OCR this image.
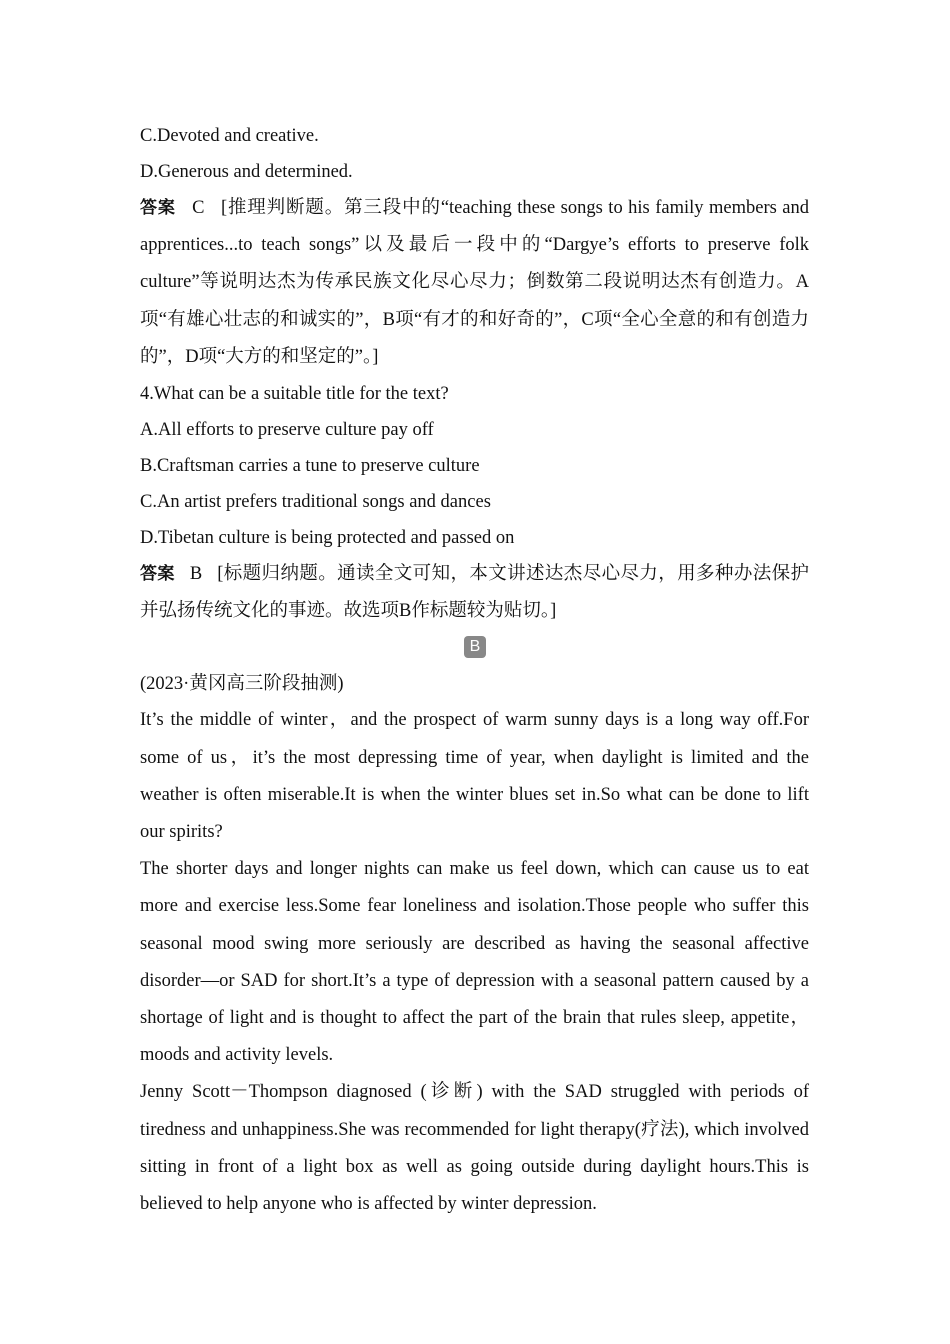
C.Devoted and creative.
D.Generous and determined.

答案 C [推理判断题。第三段中的“teaching these songs to his family members and apprentices...to teach songs”以及最后一段中的“Dargye’s efforts to preserve folk culture”等说明达杰为传承民族文化尽心尽力；倒数第二段说明达杰有创造力。A项“有雄心壮志的和诚实的”，B项“有才的和好奇的”，C项“全心全意的和有创造力的”，D项“大方的和坚定的”。]

4.What can be a suitable title for the text?
A.All efforts to preserve culture pay off
B.Craftsman carries a tune to preserve culture
C.An artist prefers traditional songs and dances
D.Tibetan culture is being protected and passed on

答案 B [标题归纳题。通读全文可知，本文讲述达杰尽心尽力，用多种办法保护并弘扬传统文化的事迹。故选项B作标题较为贴切。]

B
(2023·黄冈高三阶段抽测)

It’s the middle of winter，and the prospect of warm sunny days is a long way off.For some of us，it’s the most depressing time of year, when daylight is limited and the weather is often miserable.It is when the winter blues set in.So what can be done to lift our spirits?

The shorter days and longer nights can make us feel down, which can cause us to eat more and exercise less.Some fear loneliness and isolation.Those people who suffer this seasonal mood swing more seriously are described as having the seasonal affective disorder—or SAD for short.It’s a type of depression with a seasonal pattern caused by a shortage of light and is thought to affect the part of the brain that rules sleep, appetite，moods and activity levels.

Jenny Scott－Thompson diagnosed (诊断) with the SAD struggled with periods of tiredness and unhappiness.She was recommended for light therapy(疗法), which involved sitting in front of a light box as well as going outside during daylight hours.This is believed to help anyone who is affected by winter depression.
